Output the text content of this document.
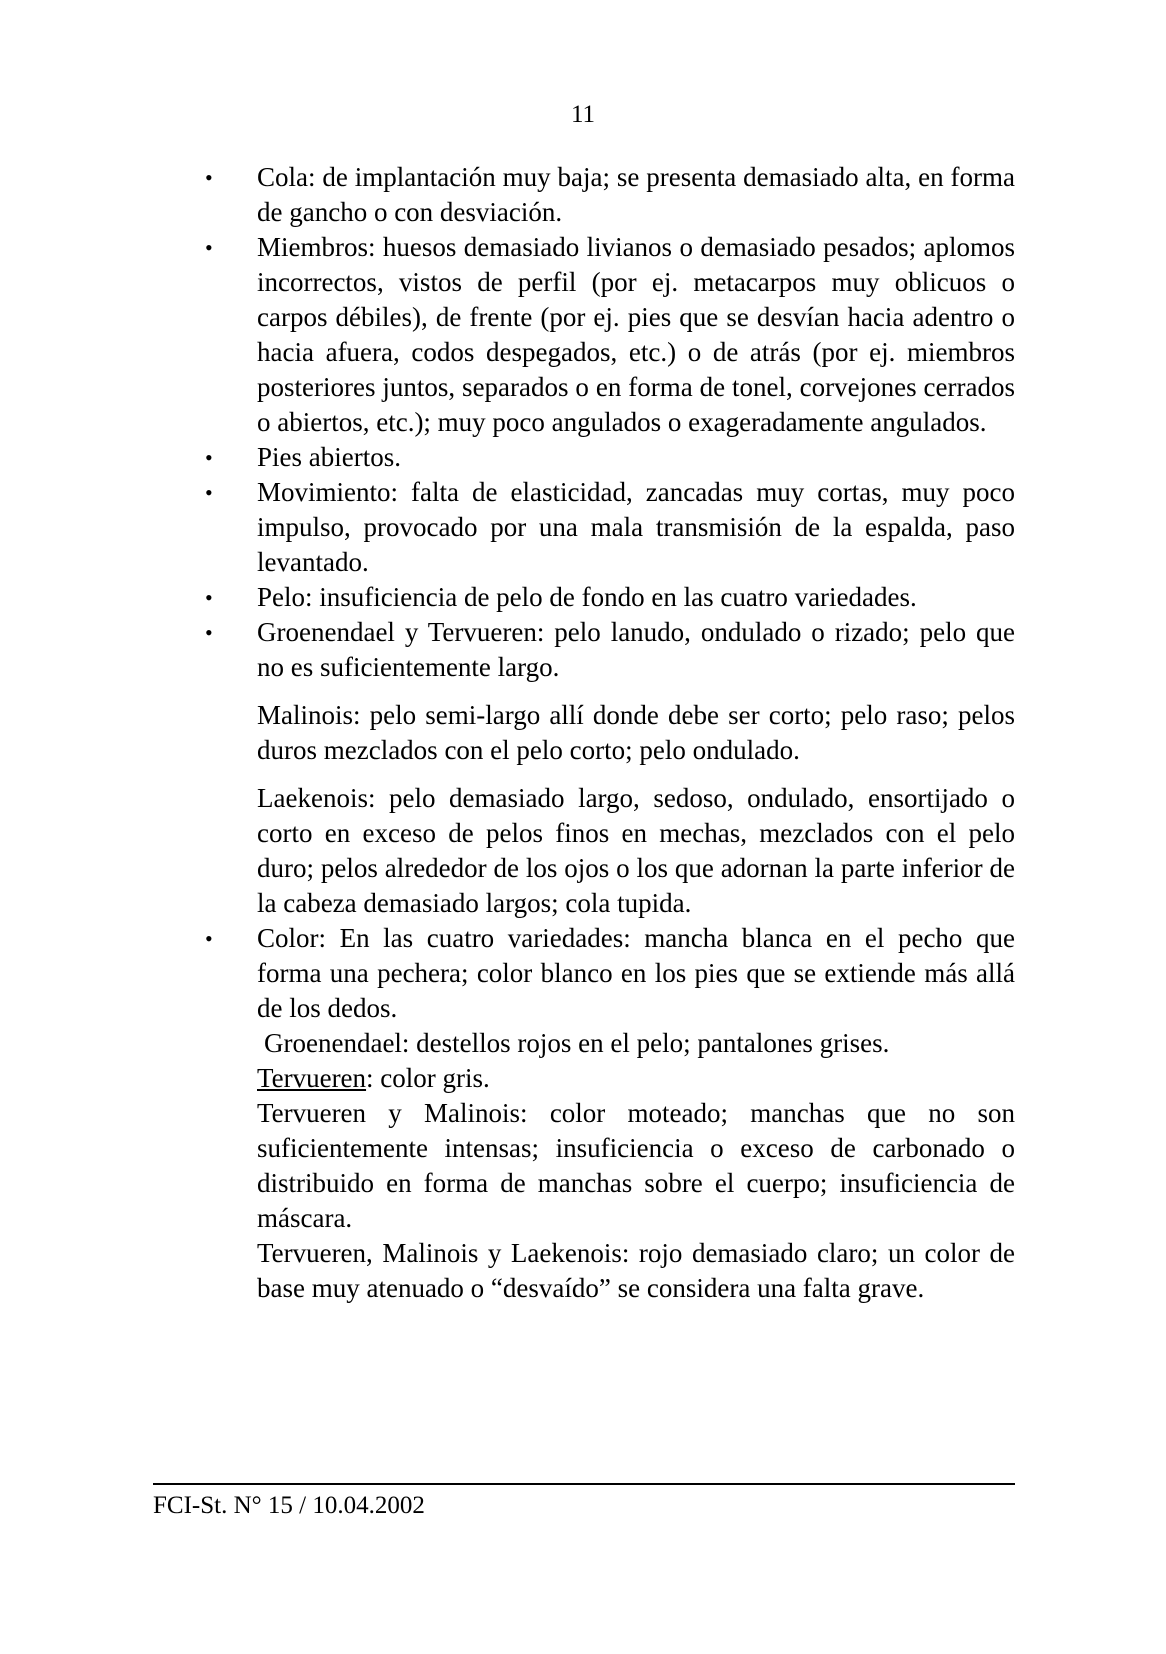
11
•	Cola: de implantación muy baja; se presenta demasiado alta, en forma de gancho o con desviación.
•	Miembros: huesos demasiado livianos o demasiado pesados; aplomos incorrectos, vistos de perfil (por ej. metacarpos muy oblicuos o carpos débiles), de frente (por ej. pies que se desvían hacia adentro o hacia afuera, codos despegados, etc.) o de atrás (por ej. miembros posteriores juntos, separados o en forma de tonel, corvejones cerrados o abiertos, etc.); muy poco angulados o exageradamente angulados.
•	Pies abiertos.
•	Movimiento: falta de elasticidad, zancadas muy cortas, muy poco impulso, provocado por una mala transmisión de la espalda, paso levantado.
•	Pelo: insuficiencia de pelo de fondo en las cuatro variedades.
•	Groenendael y Tervueren: pelo lanudo, ondulado o rizado; pelo que no es suficientemente largo.
Malinois: pelo semi-largo allí donde debe ser corto; pelo raso; pelos duros mezclados con el pelo corto; pelo ondulado.
Laekenois: pelo demasiado largo, sedoso, ondulado, ensortijado o corto en exceso de pelos finos en mechas, mezclados con el pelo duro; pelos alrededor de los ojos o los que adornan la parte inferior de la cabeza demasiado largos; cola tupida.
•	Color: En las cuatro variedades: mancha blanca en el pecho que forma una pechera; color blanco en los pies que se extiende más allá de los dedos.
Groenendael: destellos rojos en el pelo; pantalones grises.
Tervueren: color gris.
Tervueren y Malinois: color moteado; manchas que no son suficientemente intensas; insuficiencia o exceso de carbonado o distribuido en forma de manchas sobre el cuerpo; insuficiencia de máscara.
Tervueren, Malinois y Laekenois: rojo demasiado claro; un color de base muy atenuado o “desvaído” se considera una falta grave.
FCI-St. N° 15 / 10.04.2002
